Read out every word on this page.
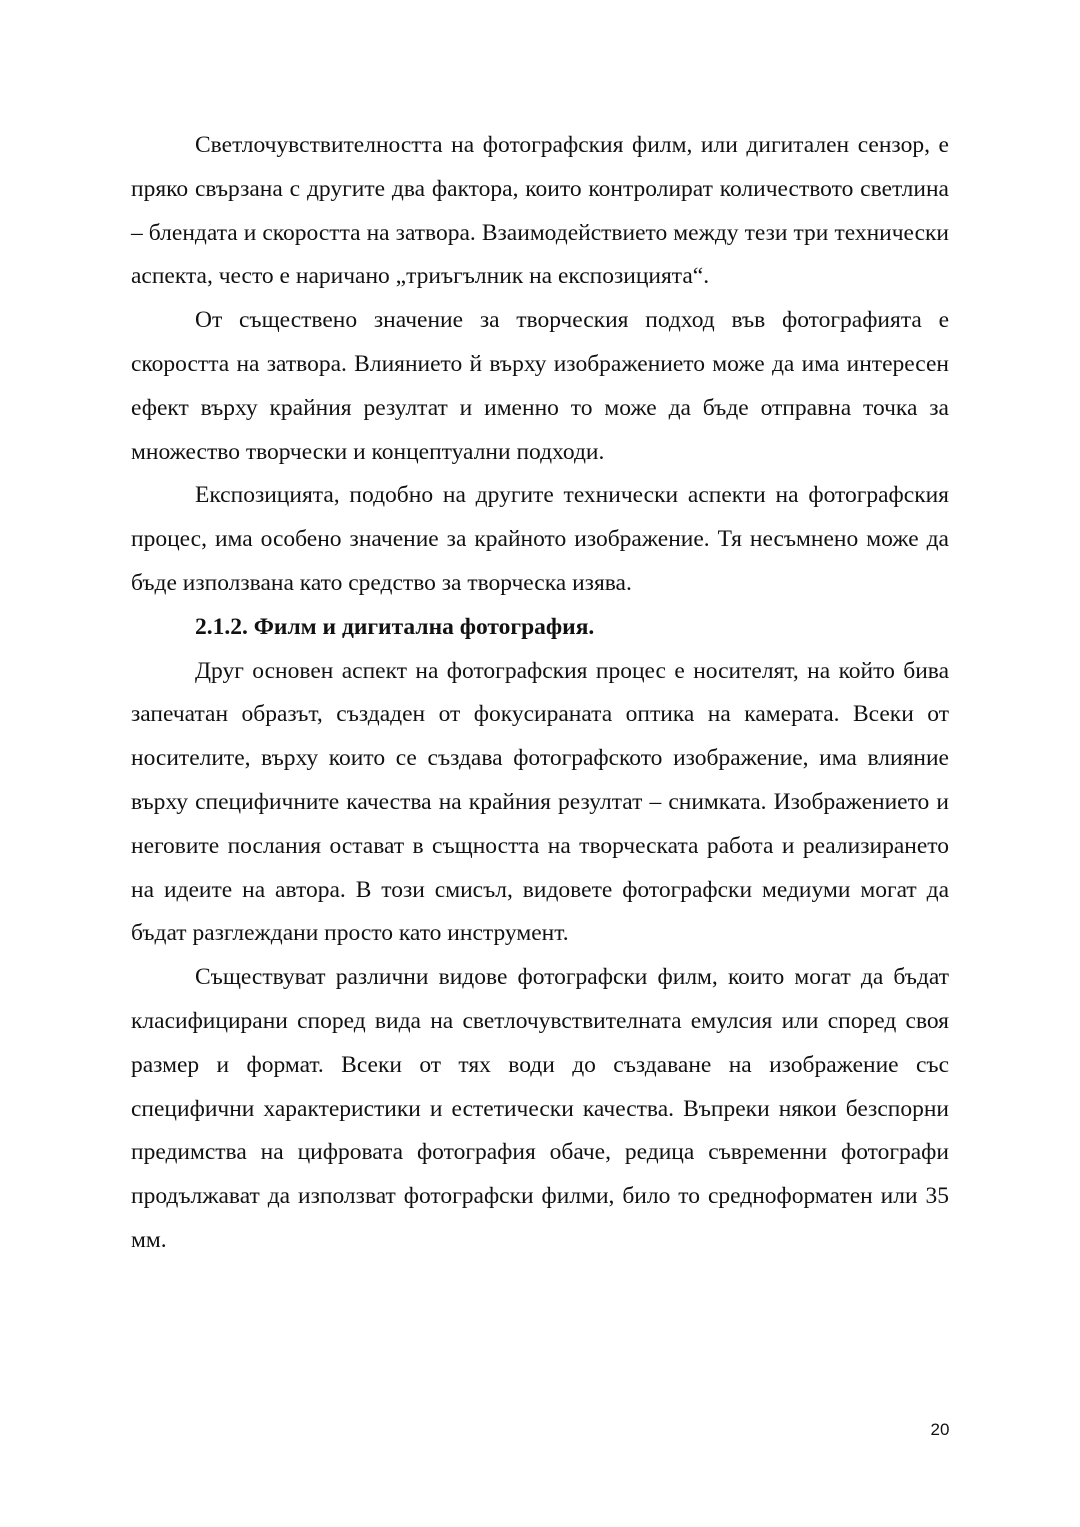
Светлочувствителността на фотографския филм, или дигитален сензор, е пряко свързана с другите два фактора, които контролират количеството светлина – блендата и скоростта на затвора. Взаимодействието между тези три технически аспекта, често е наричано „триъгълник на експозицията“.

От съществено значение за творческия подход във фотографията е скоростта на затвора. Влиянието й върху изображението може да има интересен ефект върху крайния резултат и именно то може да бъде отправна точка за множество творчески и концептуални подходи.

Експозицията, подобно на другите технически аспекти на фотографския процес, има особено значение за крайното изображение. Тя несъмнено може да бъде използвана като средство за творческа изява.

2.1.2. Филм и дигитална фотография.

Друг основен аспект на фотографския процес е носителят, на който бива запечатан образът, създаден от фокусираната оптика на камерата. Всеки от носителите, върху които се създава фотографското изображение, има влияние върху специфичните качества на крайния резултат – снимката. Изображението и неговите послания остават в същността на творческата работа и реализирането на идеите на автора. В този смисъл, видовете фотографски медиуми могат да бъдат разглеждани просто като инструмент.

Съществуват различни видове фотографски филм, които могат да бъдат класифицирани според вида на светлочувствителната емулсия или според своя размер и формат. Всеки от тях води до създаване на изображение със специфични характеристики и естетически качества. Въпреки някои безспорни предимства на цифровата фотография обаче, редица съвременни фотографи продължават да използват фотографски филми, било то средноформатен или 35 мм.

20
